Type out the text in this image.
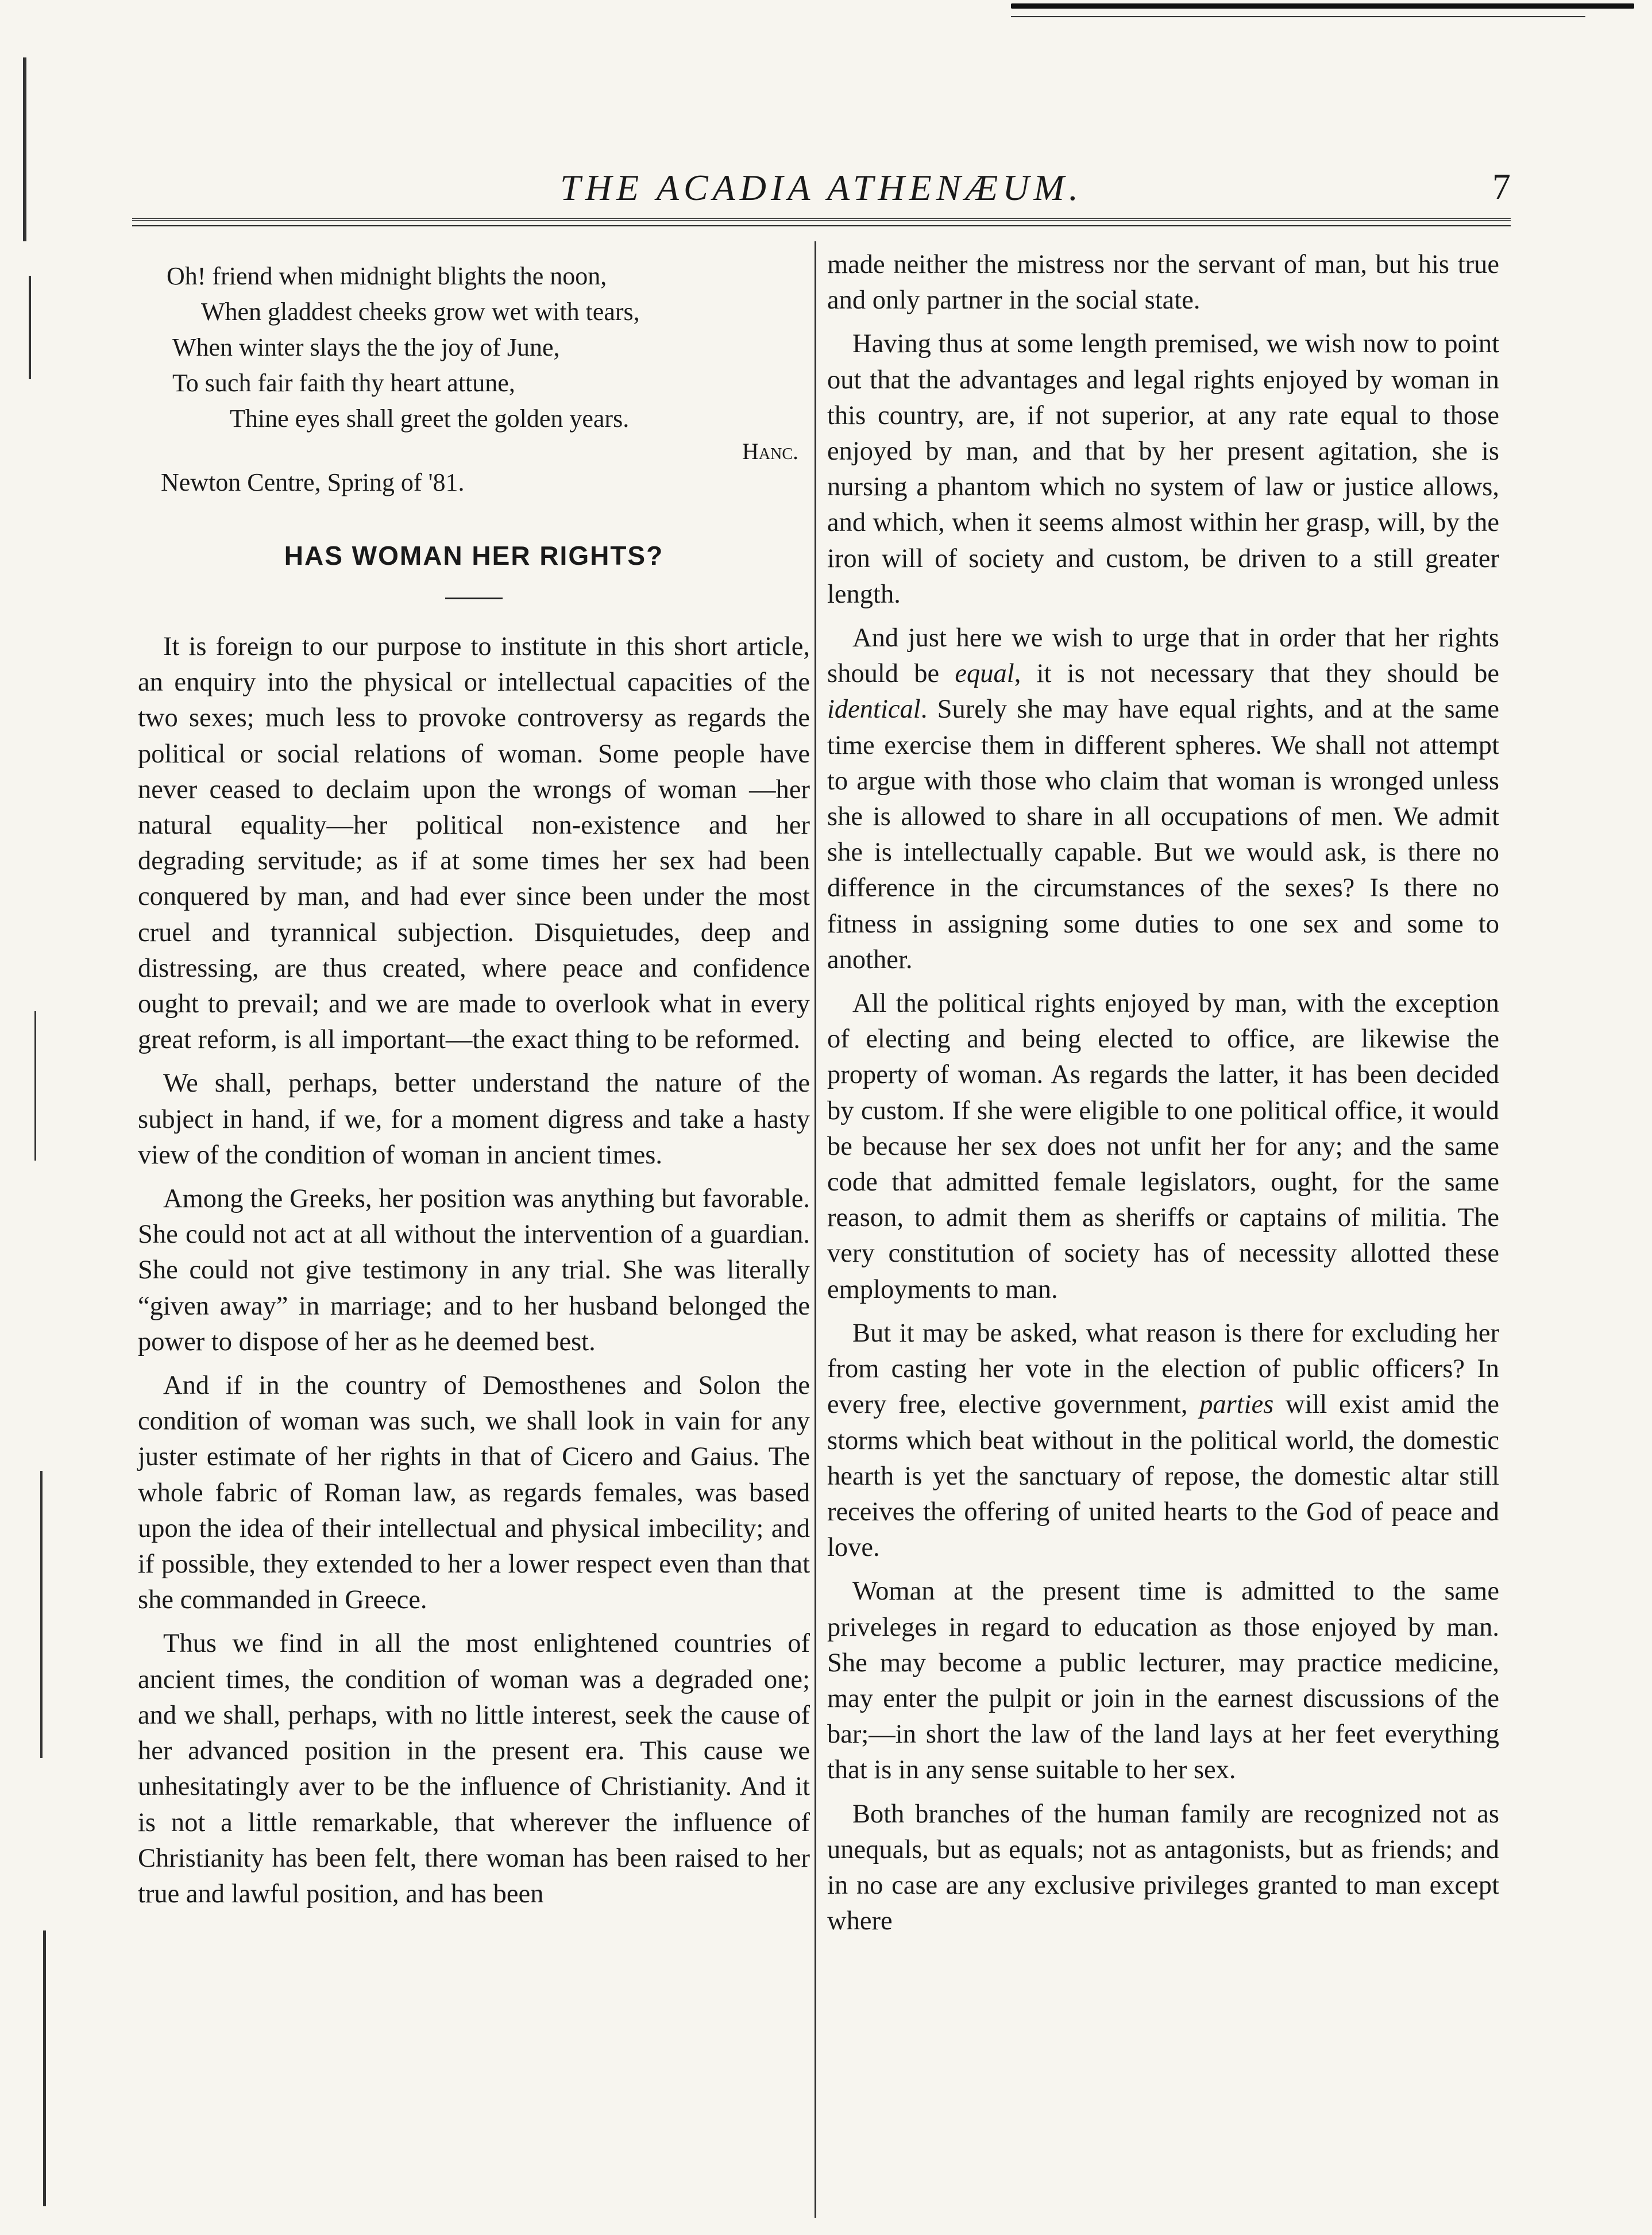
THE ACADIA ATHENÆUM.	7
Oh! friend when midnight blights the noon,
When gladdest cheeks grow wet with tears,
When winter slays the the joy of June,
To such fair faith thy heart attune,
Thine eyes shall greet the golden years.
Hanc.
Newton Centre, Spring of '81.
HAS WOMAN HER RIGHTS?

It is foreign to our purpose to institute in this short article, an enquiry into the physical or intellectual capacities of the two sexes; much less to provoke controversy as regards the political or social relations of woman. Some people have never ceased to declaim upon the wrongs of woman —her natural equality—her political non-existence and her degrading servitude; as if at some times her sex had been conquered by man, and had ever since been under the most cruel and tyrannical subjection. Disquietudes, deep and distressing, are thus created, where peace and confidence ought to prevail; and we are made to overlook what in every great reform, is all important—the exact thing to be reformed.

We shall, perhaps, better understand the nature of the subject in hand, if we, for a moment digress and take a hasty view of the condition of woman in ancient times.

Among the Greeks, her position was anything but favorable. She could not act at all without the intervention of a guardian. She could not give testimony in any trial. She was literally “given away” in marriage; and to her husband belonged the power to dispose of her as he deemed best.

And if in the country of Demosthenes and Solon the condition of woman was such, we shall look in vain for any juster estimate of her rights in that of Cicero and Gaius. The whole fabric of Roman law, as regards females, was based upon the idea of their intellectual and physical imbecility; and if possible, they extended to her a lower respect even than that she commanded in Greece.

Thus we find in all the most enlightened countries of ancient times, the condition of woman was a degraded one; and we shall, perhaps, with no little interest, seek the cause of her advanced position in the present era. This cause we unhesitatingly aver to be the influence of Christianity. And it is not a little remarkable, that wherever the influence of Christianity has been felt, there woman has been raised to her true and lawful position, and has been

made neither the mistress nor the servant of man, but his true and only partner in the social state.

Having thus at some length premised, we wish now to point out that the advantages and legal rights enjoyed by woman in this country, are, if not superior, at any rate equal to those enjoyed by man, and that by her present agitation, she is nursing a phantom which no system of law or justice allows, and which, when it seems almost within her grasp, will, by the iron will of society and custom, be driven to a still greater length.

And just here we wish to urge that in order that her rights should be equal, it is not necessary that they should be identical. Surely she may have equal rights, and at the same time exercise them in different spheres. We shall not attempt to argue with those who claim that woman is wronged unless she is allowed to share in all occupations of men. We admit she is intellectually capable. But we would ask, is there no difference in the circumstances of the sexes? Is there no fitness in assigning some duties to one sex and some to another.

All the political rights enjoyed by man, with the exception of electing and being elected to office, are likewise the property of woman. As regards the latter, it has been decided by custom. If she were eligible to one political office, it would be because her sex does not unfit her for any; and the same code that admitted female legislators, ought, for the same reason, to admit them as sheriffs or captains of militia. The very constitution of society has of necessity allotted these employments to man.

But it may be asked, what reason is there for excluding her from casting her vote in the election of public officers? In every free, elective government, parties will exist amid the storms which beat without in the political world, the domestic hearth is yet the sanctuary of repose, the domestic altar still receives the offering of united hearts to the God of peace and love.

Woman at the present time is admitted to the same priveleges in regard to education as those enjoyed by man. She may become a public lecturer, may practice medicine, may enter the pulpit or join in the earnest discussions of the bar;—in short the law of the land lays at her feet everything that is in any sense suitable to her sex.

Both branches of the human family are recognized not as unequals, but as equals; not as antagonists, but as friends; and in no case are any exclusive privileges granted to man except where
